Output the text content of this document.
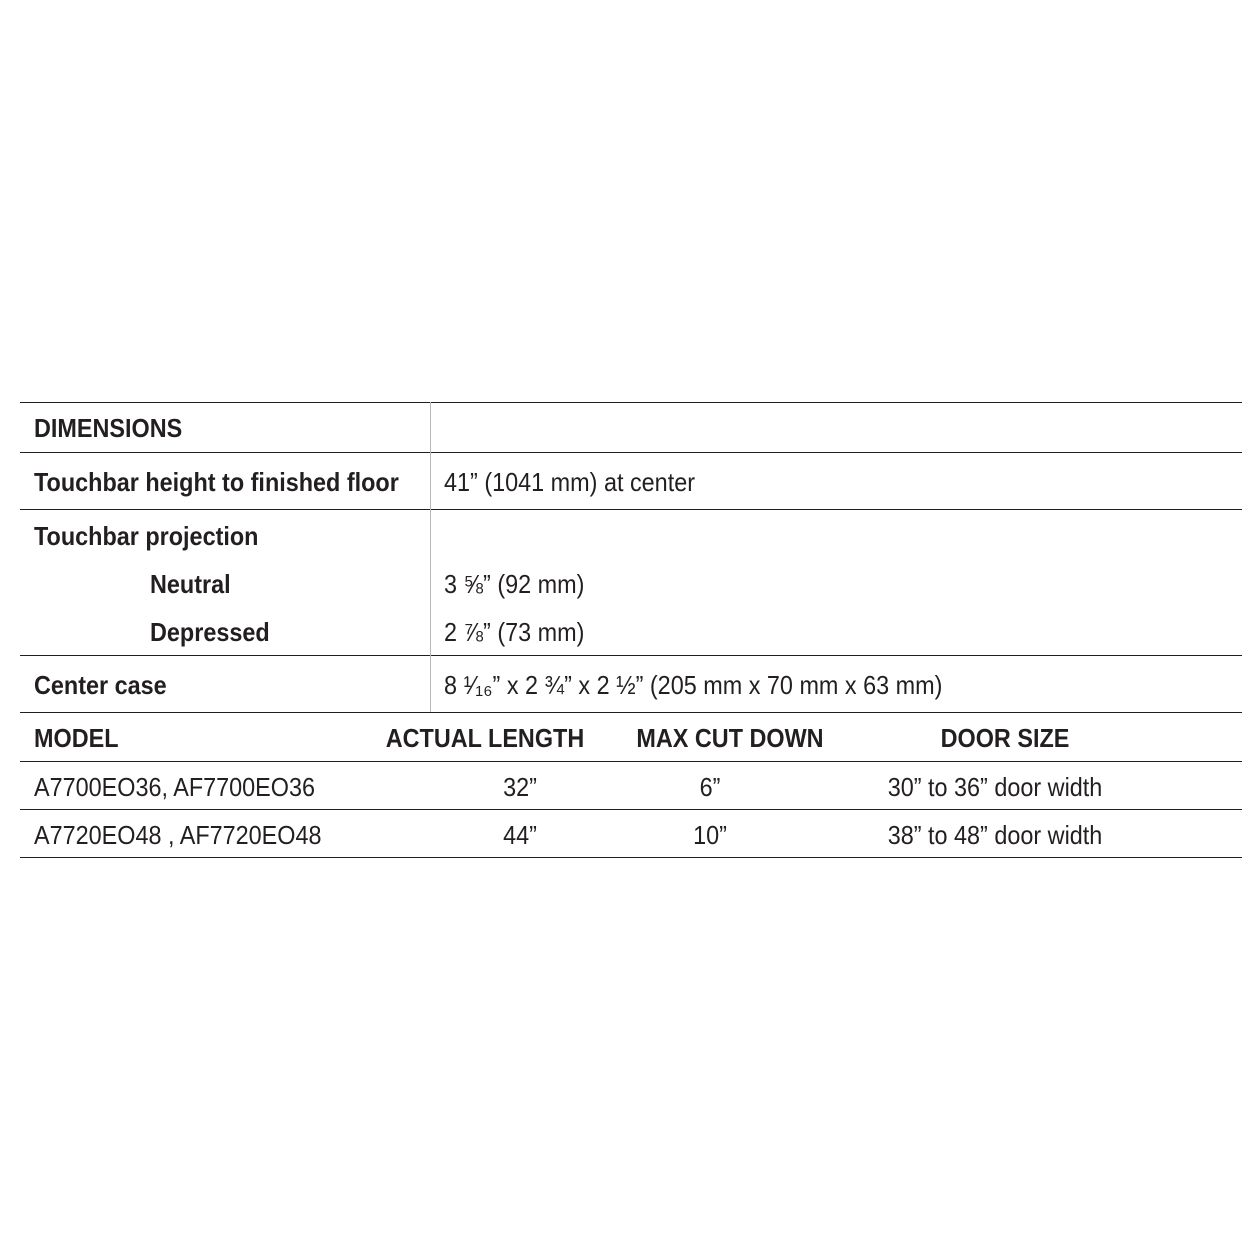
DIMENSIONS
Touchbar height to finished floor 41” (1041 mm) at center
Touchbar projection
Neutral	3 ⅝” (92 mm)
Depressed	2 ⅞” (73 mm)
Center case	8 ¹⁄₁₆” x 2 ¾” x 2 ½” (205 mm x 70 mm x 63 mm)
MODEL	ACTUAL LENGTH	MAX CUT DOWN	DOOR SIZE
A7700EO36, AF7700EO36	32”	6”	30” to 36” door width
A7720EO48 , AF7720EO48	44”	10”	38” to 48” door width
